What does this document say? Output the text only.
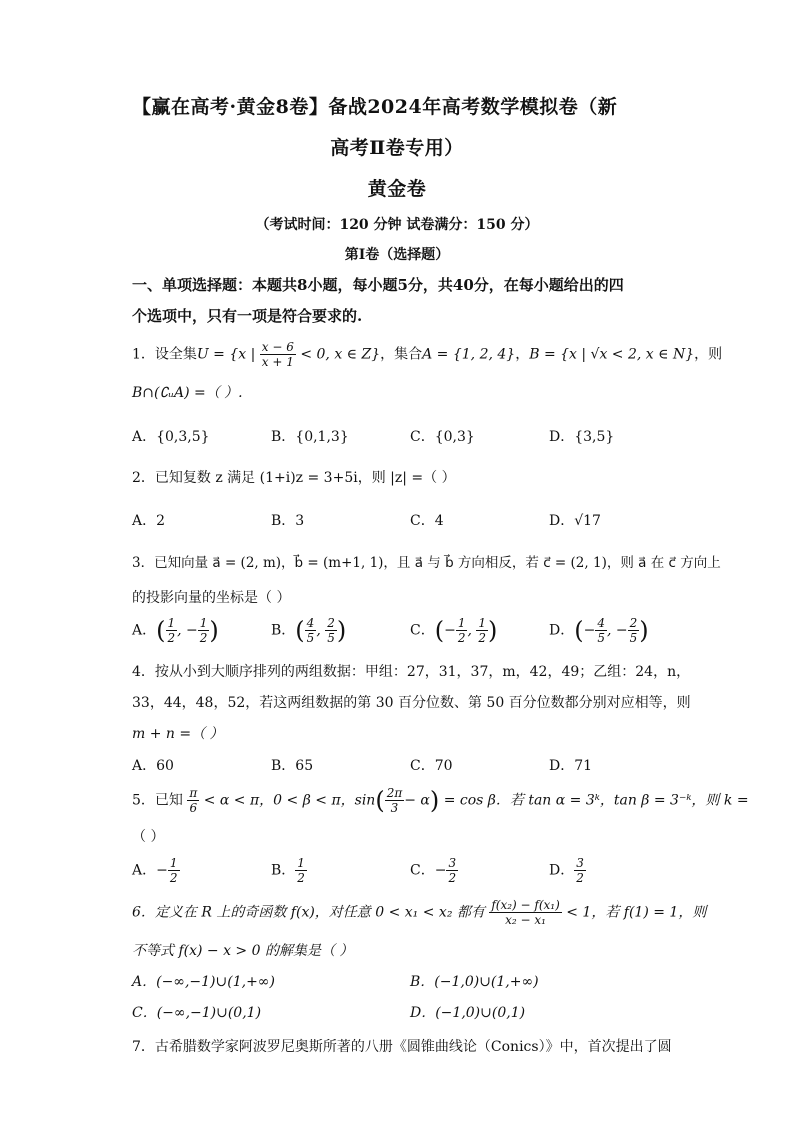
【赢在高考·黄金8卷】备战2024年高考数学模拟卷（新
高考Ⅱ卷专用）
黄金卷
（考试时间：120 分钟 试卷满分：150 分）
第Ⅰ卷（选择题）
一、单项选择题：本题共8小题，每小题5分，共40分，在每小题给出的四
个选项中，只有一项是符合要求的.
1．设全集U = {x | $\frac{x - 6}{x + 1} < 0$, x ∈ Z}，集合A = {1, 2, 4}，B = {x | √x < 2, x ∈ N}，则
B∩(∁ᵤA) =（ ）.
A．{0,3,5}	B．{0,1,3}	C．{0,3}	D．{3,5}
2．已知复数 z 满足 (1+i)z = 3+5i，则 |z| =（ ）
A．2	B．3	C．4	D．√17
3．已知向量 a⃗ = (2, m)，b⃗ = (m+1, 1)，且 a⃗ 与 b⃗ 方向相反，若 c⃗ = (2, 1)，则 a⃗ 在 c⃗ 方向上
的投影向量的坐标是（ ）
A．( $\frac{1}{2}$ , − $\frac{1}{2}$ )	B．( $\frac{4}{5}$ , $\frac{2}{5}$ )	C．(− $\frac{1}{2}$ , $\frac{1}{2}$ )	D．(− $\frac{4}{5}$ , − $\frac{2}{5}$ )
4．按从小到大顺序排列的两组数据：甲组：27，31，37，m，42，49；乙组：24，n，
33，44，48，52，若这两组数据的第 30 百分位数、第 50 百分位数都分别对应相等，则
m + n =（ ）
A．60	B．65	C．70	D．71
5．已知 $\frac{\pi}{6} < \alpha < \pi$，0 < β < π，$\sin( \frac{2\pi}{3} - \alpha) = \cos \beta$．若 tan α = 3ᵏ，tan β = 3⁻ᵏ，则 k =
（ ）
A．− $\frac{1}{2}$	B． $\frac{1}{2}$	C．− $\frac{3}{2}$	D． $\frac{3}{2}$
6．定义在 R 上的奇函数 f(x)，对任意 0 < x₁ < x₂ 都有 $\frac{\text{f(x₂) − f(x₁)}}{\text{x₂ − x₁}} < 1$，若 f(1) = 1，则
不等式 f(x) − x > 0 的解集是（ ）
A．(−∞,−1)∪(1,+∞)	B．(−1,0)∪(1,+∞)
C．(−∞,−1)∪(0,1)	D．(−1,0)∪(0,1)
7．古希腊数学家阿波罗尼奥斯所著的八册《圆锥曲线论（Conics）》中，首次提出了圆
